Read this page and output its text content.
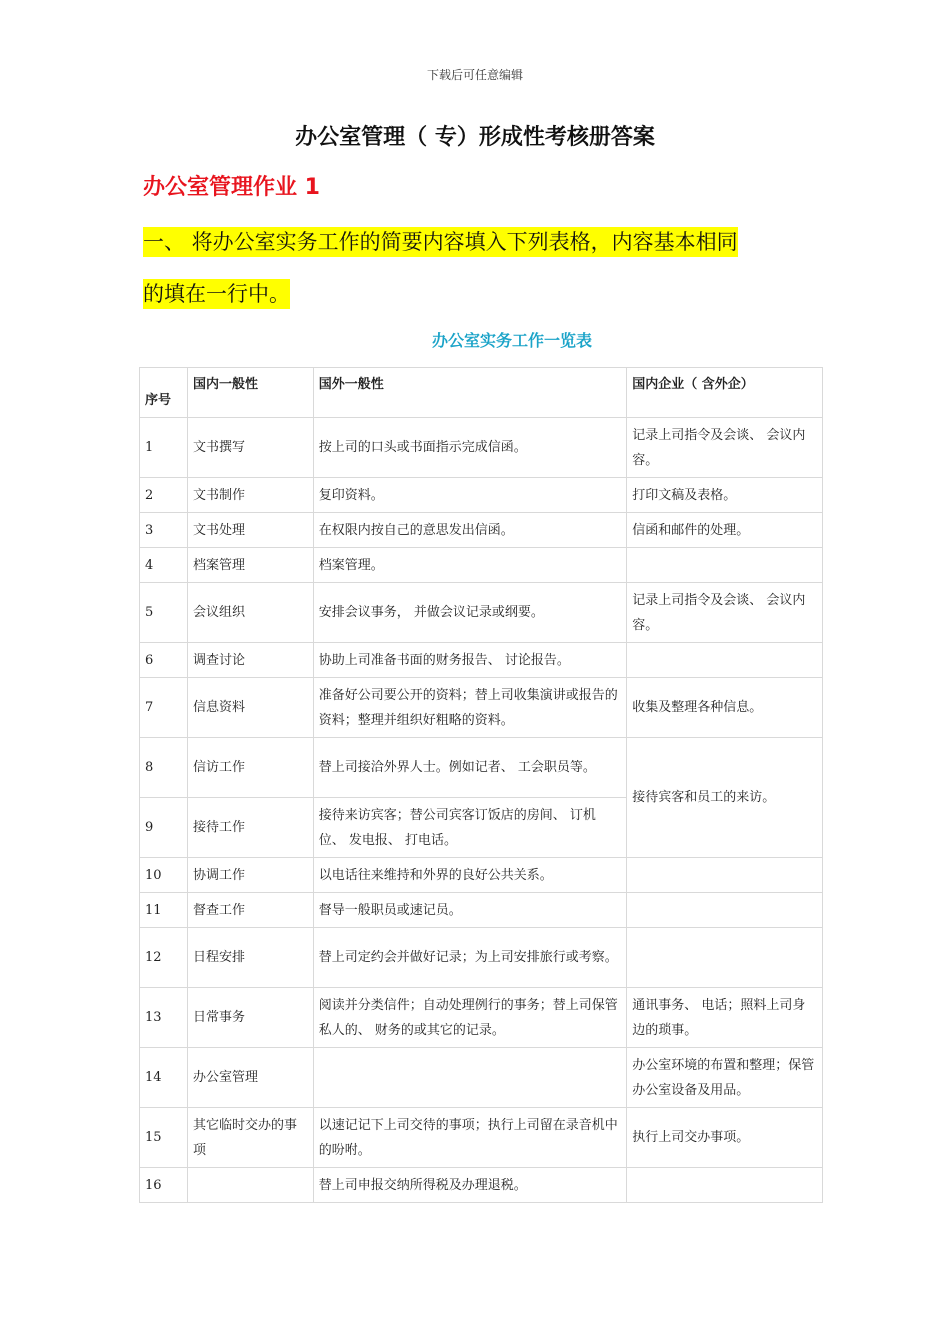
下载后可任意编辑
办公室管理（ 专）形成性考核册答案
办公室管理作业 1
一、 将办公室实务工作的简要内容填入下列表格，内容基本相同
的填在一行中。
办公室实务工作一览表
序号	国内一般性	国外一般性	国内企业（ 含外企）
1	文书撰写	按上司的口头或书面指示完成信函。	记录上司指令及会谈、 会议内容。
2	文书制作	复印资料。	打印文稿及表格。
3	文书处理	在权限内按自己的意思发出信函。	信函和邮件的处理。
4	档案管理	档案管理。	
5	会议组织	安排会议事务， 并做会议记录或纲要。	记录上司指令及会谈、 会议内容。
6	调查讨论	协助上司准备书面的财务报告、 讨论报告。	
7	信息资料	准备好公司要公开的资料；替上司收集演讲或报告的资料；整理并组织好粗略的资料。	收集及整理各种信息。
8	信访工作	替上司接洽外界人士。例如记者、 工会职员等。	接待宾客和员工的来访。
9	接待工作	接待来访宾客；替公司宾客订饭店的房间、 订机位、 发电报、 打电话。	
10	协调工作	以电话往来维持和外界的良好公共关系。	
11	督查工作	督导一般职员或速记员。	
12	日程安排	替上司定约会并做好记录；为上司安排旅行或考察。	
13	日常事务	阅读并分类信件；自动处理例行的事务；替上司保管私人的、 财务的或其它的记录。	通讯事务、 电话；照料上司身边的琐事。
14	办公室管理		办公室环境的布置和整理；保管办公室设备及用品。
15	其它临时交办的事项	以速记记下上司交待的事项；执行上司留在录音机中的吩咐。	执行上司交办事项。
16		替上司申报交纳所得税及办理退税。	
